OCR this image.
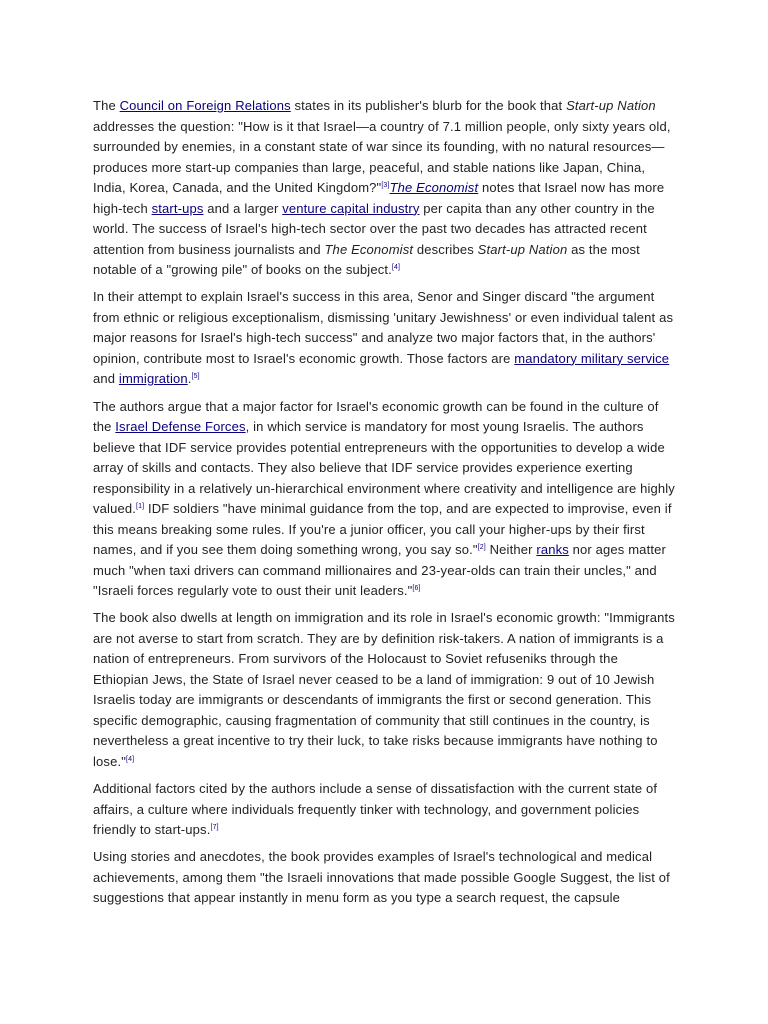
The Council on Foreign Relations states in its publisher's blurb for the book that Start-up Nation addresses the question: "How is it that Israel—a country of 7.1 million people, only sixty years old, surrounded by enemies, in a constant state of war since its founding, with no natural resources—produces more start-up companies than large, peaceful, and stable nations like Japan, China, India, Korea, Canada, and the United Kingdom?"[3]The Economist notes that Israel now has more high-tech start-ups and a larger venture capital industry per capita than any other country in the world. The success of Israel's high-tech sector over the past two decades has attracted recent attention from business journalists and The Economist describes Start-up Nation as the most notable of a "growing pile" of books on the subject.[4]

In their attempt to explain Israel's success in this area, Senor and Singer discard "the argument from ethnic or religious exceptionalism, dismissing 'unitary Jewishness' or even individual talent as major reasons for Israel's high-tech success" and analyze two major factors that, in the authors' opinion, contribute most to Israel's economic growth. Those factors are mandatory military service and immigration.[5]

The authors argue that a major factor for Israel's economic growth can be found in the culture of the Israel Defense Forces, in which service is mandatory for most young Israelis. The authors believe that IDF service provides potential entrepreneurs with the opportunities to develop a wide array of skills and contacts. They also believe that IDF service provides experience exerting responsibility in a relatively un-hierarchical environment where creativity and intelligence are highly valued.[1] IDF soldiers "have minimal guidance from the top, and are expected to improvise, even if this means breaking some rules. If you're a junior officer, you call your higher-ups by their first names, and if you see them doing something wrong, you say so."[2] Neither ranks nor ages matter much "when taxi drivers can command millionaires and 23-year-olds can train their uncles," and "Israeli forces regularly vote to oust their unit leaders."[6]

The book also dwells at length on immigration and its role in Israel's economic growth: "Immigrants are not averse to start from scratch. They are by definition risk-takers. A nation of immigrants is a nation of entrepreneurs. From survivors of the Holocaust to Soviet refuseniks through the Ethiopian Jews, the State of Israel never ceased to be a land of immigration: 9 out of 10 Jewish Israelis today are immigrants or descendants of immigrants the first or second generation. This specific demographic, causing fragmentation of community that still continues in the country, is nevertheless a great incentive to try their luck, to take risks because immigrants have nothing to lose."[4]

Additional factors cited by the authors include a sense of dissatisfaction with the current state of affairs, a culture where individuals frequently tinker with technology, and government policies friendly to start-ups.[7]

Using stories and anecdotes, the book provides examples of Israel's technological and medical achievements, among them "the Israeli innovations that made possible Google Suggest, the list of suggestions that appear instantly in menu form as you type a search request, the capsule
